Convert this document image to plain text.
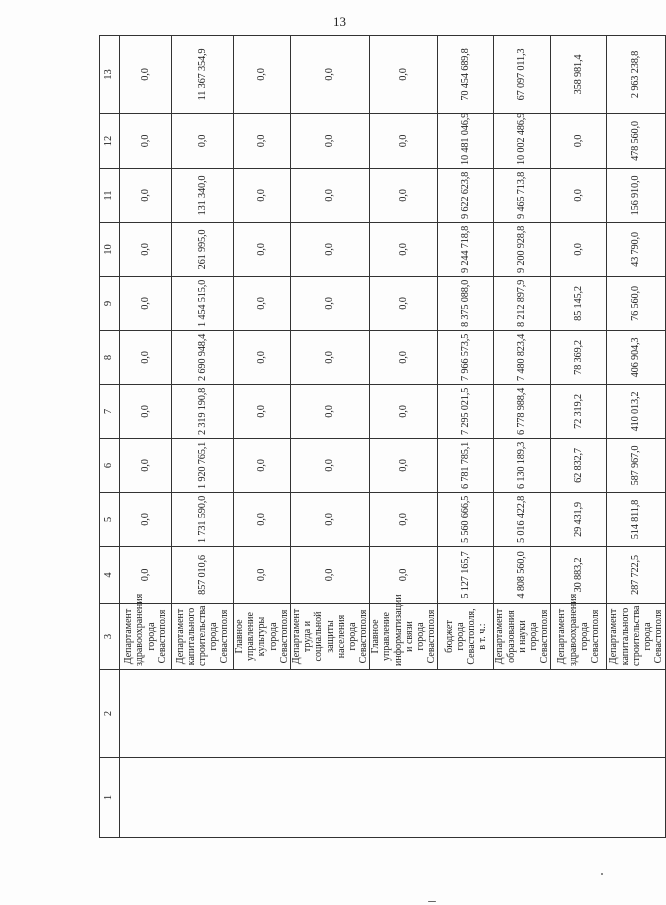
13
1	2	3	4	5	6	7	8	9	10	11	12	13
		Департамент здравоохранения города Севастополя	0,0	0,0	0,0	0,0	0,0	0,0	0,0	0,0	0,0	0,0
		Департамент капитального строительства города Севастополя	857 010,6	1 731 590,0	1 920 765,1	2 319 190,8	2 690 948,4	1 454 515,0	261 995,0	131 340,0	0,0	11 367 354,9
		Главное управление культуры города Севастополя	0,0	0,0	0,0	0,0	0,0	0,0	0,0	0,0	0,0	0,0
		Департамент труда и социальной защиты населения города Севастополя	0,0	0,0	0,0	0,0	0,0	0,0	0,0	0,0	0,0	0,0
		Главное управление информатизации и связи города Севастополя	0,0	0,0	0,0	0,0	0,0	0,0	0,0	0,0	0,0	0,0
		бюджет города Севастополя, в т. ч.:	5 127 165,7	5 560 666,5	6 781 785,1	7 295 021,5	7 966 573,5	8 375 088,0	9 244 718,8	9 622 623,8	10 481 046,9	70 454 689,8
		Департамент образования и науки города Севастополя	4 808 560,0	5 016 422,8	6 130 189,3	6 778 988,4	7 480 823,4	8 212 897,9	9 200 928,8	9 465 713,8	10 002 486,9	67 097 011,3
		Департамент здравоохранения города Севастополя	30 883,2	29 431,9	62 832,7	72 319,2	78 369,2	85 145,2	0,0	0,0	0,0	358 981,4
		Департамент капитального строительства города Севастополя	287 722,5	514 811,8	587 967,0	410 013,2	406 904,3	76 560,0	43 790,0	156 910,0	478 560,0	2 963 238,8
